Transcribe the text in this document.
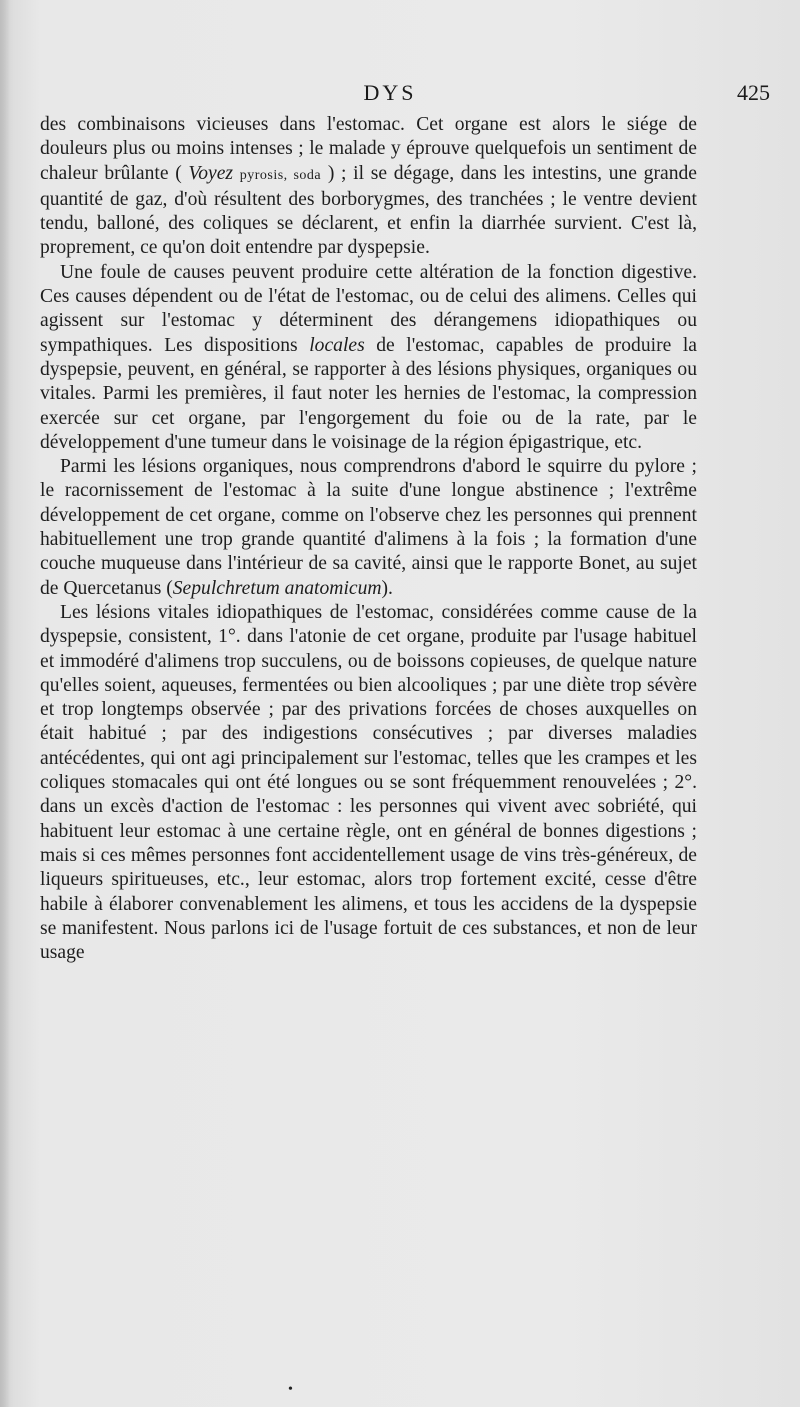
DYS	425

des combinaisons vicieuses dans l'estomac. Cet organe est alors le siége de douleurs plus ou moins intenses ; le malade y éprouve quelquefois un sentiment de chaleur brûlante ( Voyez pyrosis, soda ) ; il se dégage, dans les intestins, une grande quantité de gaz, d'où résultent des borborygmes, des tranchées ; le ventre devient tendu, balloné, des coliques se déclarent, et enfin la diarrhée survient. C'est là, proprement, ce qu'on doit entendre par dyspepsie.

Une foule de causes peuvent produire cette altération de la fonction digestive. Ces causes dépendent ou de l'état de l'estomac, ou de celui des alimens. Celles qui agissent sur l'estomac y déterminent des dérangemens idiopathiques ou sympathiques. Les dispositions locales de l'estomac, capables de produire la dyspepsie, peuvent, en général, se rapporter à des lésions physiques, organiques ou vitales. Parmi les premières, il faut noter les hernies de l'estomac, la compression exercée sur cet organe, par l'engorgement du foie ou de la rate, par le développement d'une tumeur dans le voisinage de la région épigastrique, etc.

Parmi les lésions organiques, nous comprendrons d'abord le squirre du pylore ; le racornissement de l'estomac à la suite d'une longue abstinence ; l'extrême développement de cet organe, comme on l'observe chez les personnes qui prennent habituellement une trop grande quantité d'alimens à la fois ; la formation d'une couche muqueuse dans l'intérieur de sa cavité, ainsi que le rapporte Bonet, au sujet de Quercetanus (Sepulchretum anatomicum).

Les lésions vitales idiopathiques de l'estomac, considérées comme cause de la dyspepsie, consistent, 1°. dans l'atonie de cet organe, produite par l'usage habituel et immodéré d'alimens trop succulens, ou de boissons copieuses, de quelque nature qu'elles soient, aqueuses, fermentées ou bien alcooliques ; par une diète trop sévère et trop longtemps observée ; par des privations forcées de choses auxquelles on était habitué ; par des indigestions consécutives ; par diverses maladies antécédentes, qui ont agi principalement sur l'estomac, telles que les crampes et les coliques stomacales qui ont été longues ou se sont fréquemment renouvelées ; 2°. dans un excès d'action de l'estomac : les personnes qui vivent avec sobriété, qui habituent leur estomac à une certaine règle, ont en général de bonnes digestions ; mais si ces mêmes personnes font accidentellement usage de vins très-généreux, de liqueurs spiritueuses, etc., leur estomac, alors trop fortement excité, cesse d'être habile à élaborer convenablement les alimens, et tous les accidens de la dyspepsie se manifestent. Nous parlons ici de l'usage fortuit de ces substances, et non de leur usage

•
